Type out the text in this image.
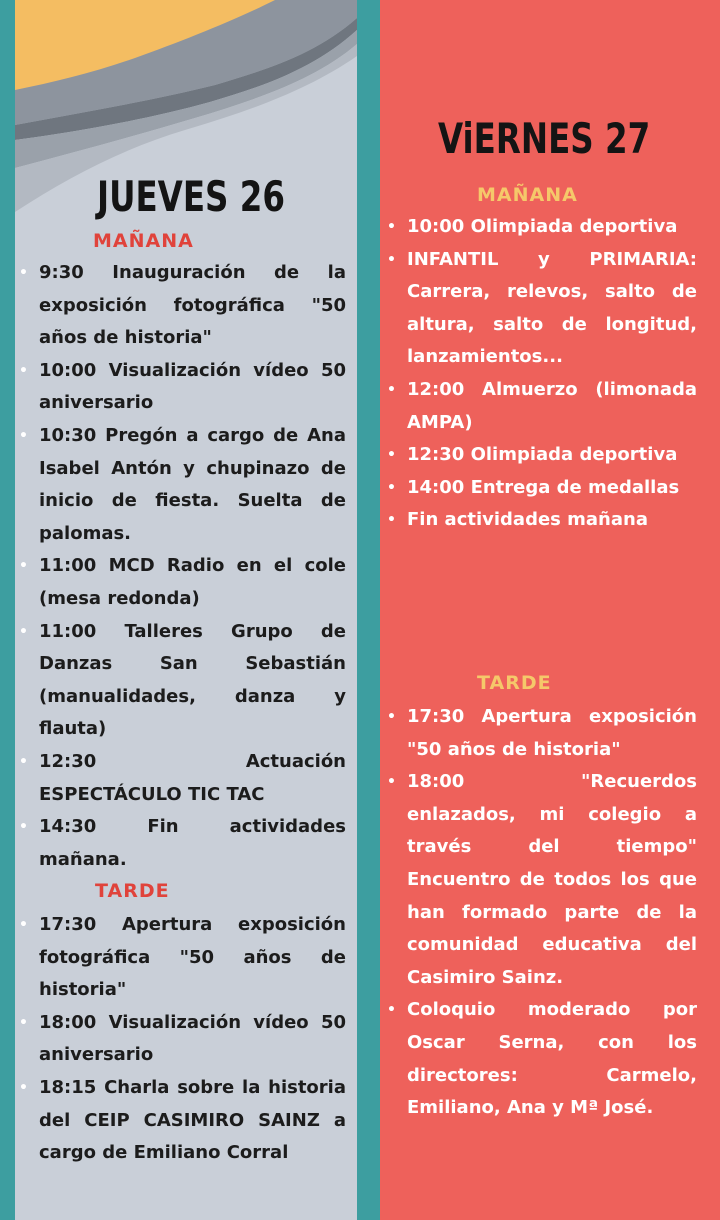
JUEVES 26
MAÑANA
• 9:30 Inauguración de la exposición fotográfica "50 años de historia"
• 10:00 Visualización vídeo 50 aniversario
• 10:30 Pregón a cargo de Ana Isabel Antón y chupinazo de inicio de fiesta. Suelta de palomas.
• 11:00 MCD Radio en el cole (mesa redonda)
• 11:00 Talleres Grupo de Danzas San Sebastián (manualidades, danza y flauta)
• 12:30 Actuación ESPECTÁCULO TIC TAC
• 14:30 Fin actividades mañana.
TARDE
• 17:30 Apertura exposición fotográfica "50 años de historia"
• 18:00 Visualización vídeo 50 aniversario
• 18:15 Charla sobre la historia del CEIP CASIMIRO SAINZ a cargo de Emiliano Corral
ViERNES 27
MAÑANA
• 10:00 Olimpiada deportiva
• INFANTIL y PRIMARIA: Carrera, relevos, salto de altura, salto de longitud, lanzamientos...
• 12:00 Almuerzo (limonada AMPA)
• 12:30 Olimpiada deportiva
• 14:00 Entrega de medallas
• Fin actividades mañana
TARDE
• 17:30 Apertura exposición "50 años de historia"
• 18:00 "Recuerdos enlazados, mi colegio a través del tiempo" Encuentro de todos los que han formado parte de la comunidad educativa del Casimiro Sainz.
• Coloquio moderado por Oscar Serna, con los directores: Carmelo, Emiliano, Ana y Mª José.
